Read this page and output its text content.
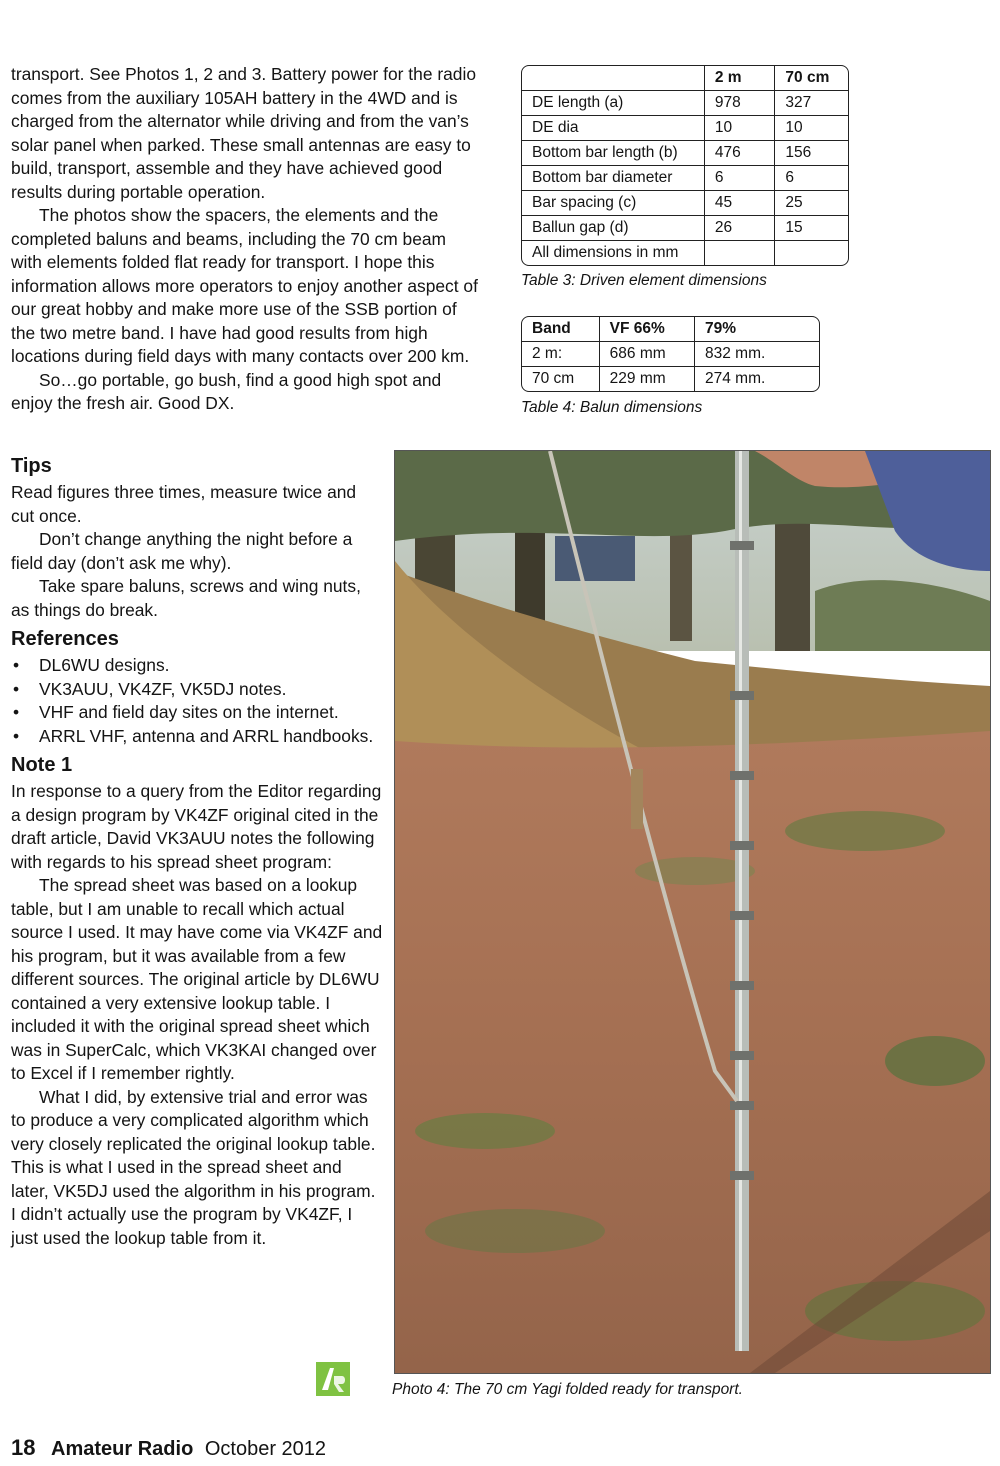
transport. See Photos 1, 2 and 3. Battery power for the radio comes from the auxiliary 105AH battery in the 4WD and is charged from the alternator while driving and from the van’s solar panel when parked. These small antennas are easy to build, transport, assemble and they have achieved good results during portable operation.

The photos show the spacers, the elements and the completed baluns and beams, including the 70 cm beam with elements folded flat ready for transport. I hope this information allows more operators to enjoy another aspect of our great hobby and make more use of the SSB portion of the two metre band. I have had good results from high locations during field days with many contacts over 200 km.

So…go portable, go bush, find a good high spot and enjoy the fresh air. Good DX.

Tips

Read figures three times, measure twice and cut once.

Don’t change anything the night before a field day (don’t ask me why).

Take spare baluns, screws and wing nuts, as things do break.

References
• DL6WU designs.
• VK3AUU, VK4ZF, VK5DJ notes.
• VHF and field day sites on the internet.
• ARRL VHF, antenna and ARRL handbooks.
Note 1

In response to a query from the Editor regarding a design program by VK4ZF original cited in the draft article, David VK3AUU notes the following with regards to his spread sheet program:

The spread sheet was based on a lookup table, but I am unable to recall which actual source I used. It may have come via VK4ZF and his program, but it was available from a few different sources. The original article by DL6WU contained a very extensive lookup table. I included it with the original spread sheet which was in SuperCalc, which VK3KAI changed over to Excel if I remember rightly.

What I did, by extensive trial and error was to produce a very complicated algorithm which very closely replicated the original lookup table. This is what I used in the spread sheet and later, VK5DJ used the algorithm in his program. I didn’t actually use the program by VK4ZF, I just used the lookup table from it.

	2 m	70 cm
DE length (a)	978	327
DE dia	10	10
Bottom bar length (b)	476	156
Bottom bar diameter	6	6
Bar spacing (c)	45	25
Ballun gap (d)	26	15
All dimensions in mm		
Table 3: Driven element dimensions
Band	VF 66%	79%
2 m:	686 mm	832 mm.
70 cm	229 mm	274 mm.
Table 4: Balun dimensions
Photo 4: The 70 cm Yagi folded ready for transport.
18 Amateur Radio October 2012
